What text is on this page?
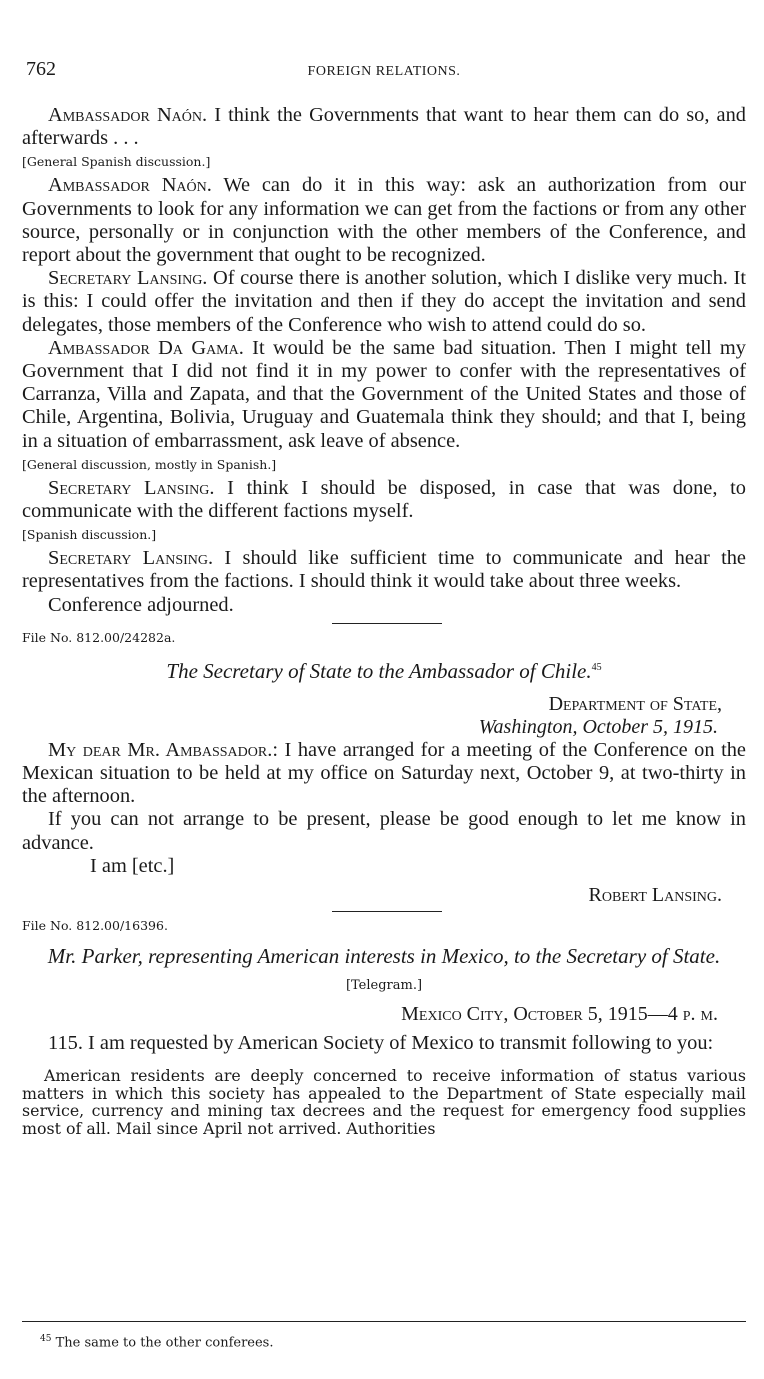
762	FOREIGN RELATIONS.

Ambassador Naón. I think the Governments that want to hear them can do so, and afterwards . . .

[General Spanish discussion.]

Ambassador Naón. We can do it in this way: ask an authorization from our Governments to look for any information we can get from the factions or from any other source, personally or in conjunction with the other members of the Conference, and report about the government that ought to be recognized.

Secretary Lansing. Of course there is another solution, which I dislike very much. It is this: I could offer the invitation and then if they do accept the invitation and send delegates, those members of the Conference who wish to attend could do so.

Ambassador Da Gama. It would be the same bad situation. Then I might tell my Government that I did not find it in my power to confer with the representatives of Carranza, Villa and Zapata, and that the Government of the United States and those of Chile, Argentina, Bolivia, Uruguay and Guatemala think they should; and that I, being in a situation of embarrassment, ask leave of absence.

[General discussion, mostly in Spanish.]

Secretary Lansing. I think I should be disposed, in case that was done, to communicate with the different factions myself.

[Spanish discussion.]

Secretary Lansing. I should like sufficient time to communicate and hear the representatives from the factions. I should think it would take about three weeks.

Conference adjourned.

File No. 812.00/24282a.

The Secretary of State to the Ambassador of Chile.$^{45}$

Department of State,

Washington, October 5, 1915.

My dear Mr. Ambassador.: I have arranged for a meeting of the Conference on the Mexican situation to be held at my office on Saturday next, October 9, at two-thirty in the afternoon.

If you can not arrange to be present, please be good enough to let me know in advance.

I am [etc.]

Robert Lansing.

File No. 812.00/16396.

Mr. Parker, representing American interests in Mexico, to the Secretary of State.

[Telegram.]

Mexico City, October 5, 1915—4 p. m.

115. I am requested by American Society of Mexico to transmit following to you:

American residents are deeply concerned to receive information of status various matters in which this society has appealed to the Department of State especially mail service, currency and mining tax decrees and the request for emergency food supplies most of all. Mail since April not arrived. Authorities

$^{45}$ The same to the other conferees.
